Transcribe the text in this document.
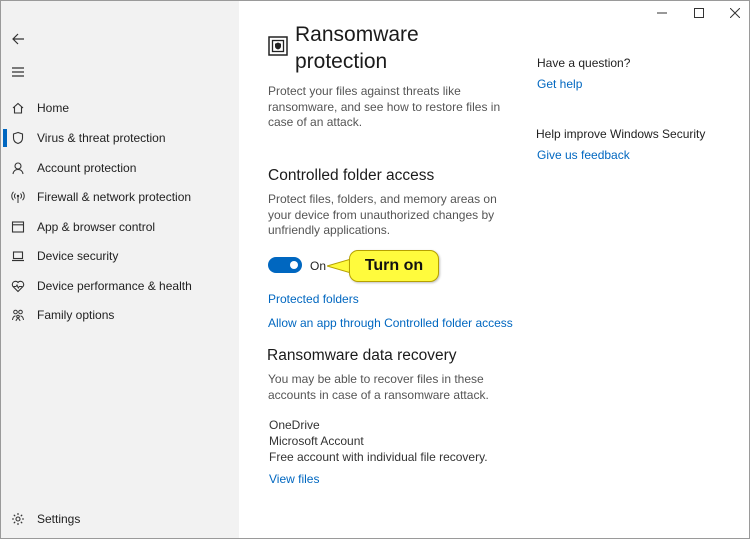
Home
Virus & threat protection
Account protection
Firewall & network protection
App & browser control
Device security
Device performance & health
Family options
Settings
Ransomware protection
Protect your files against threats like ransomware, and see how to restore files in case of an attack.
Controlled folder access
Protect files, folders, and memory areas on your device from unauthorized changes by unfriendly applications.
On	Turn on
Protected folders
Allow an app through Controlled folder access
Ransomware data recovery
You may be able to recover files in these accounts in case of a ransomware attack.
OneDrive
Microsoft Account
Free account with individual file recovery.
View files
Have a question?
Get help
Help improve Windows Security
Give us feedback
